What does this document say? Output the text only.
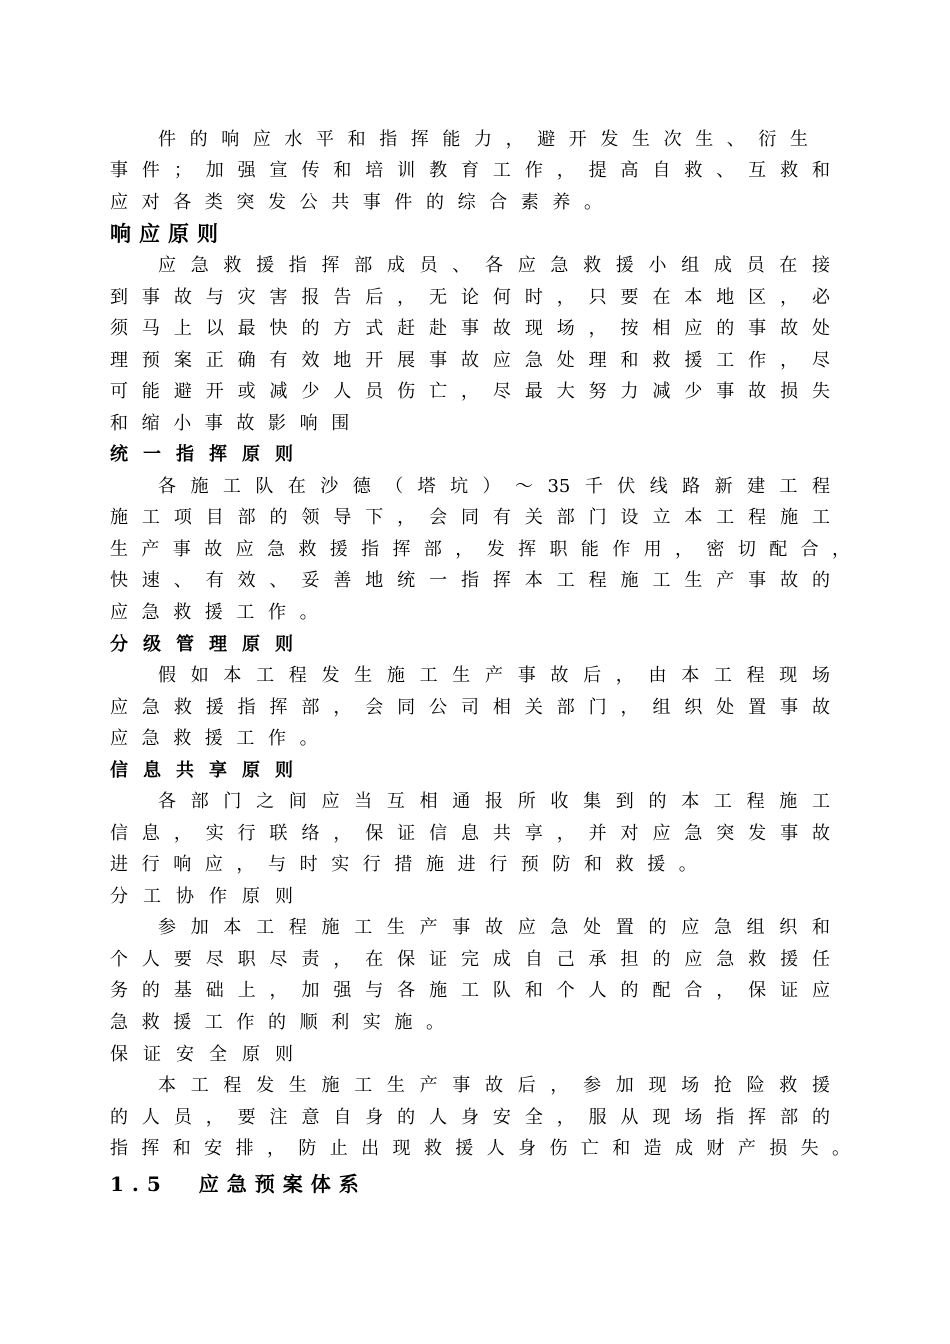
件的响应水平和指挥能力，避开发生次生、衍生
事件；加强宣传和培训教育工作，提高自救、互救和
应对各类突发公共事件的综合素养。
响应原则
应急救援指挥部成员、各应急救援小组成员在接
到事故与灾害报告后，无论何时，只要在本地区，必
须马上以最快的方式赶赴事故现场，按相应的事故处
理预案正确有效地开展事故应急处理和救援工作，尽
可能避开或减少人员伤亡，尽最大努力减少事故损失
和缩小事故影响围
统一指挥原则
各施工队在沙德（塔坑）～35千伏线路新建工程
施工项目部的领导下，会同有关部门设立本工程施工
生产事故应急救援指挥部，发挥职能作用，密切配合，
快速、有效、妥善地统一指挥本工程施工生产事故的
应急救援工作。
分级管理原则
假如本工程发生施工生产事故后，由本工程现场
应急救援指挥部，会同公司相关部门，组织处置事故
应急救援工作。
信息共享原则
各部门之间应当互相通报所收集到的本工程施工
信息，实行联络，保证信息共享，并对应急突发事故
进行响应，与时实行措施进行预防和救援。
分工协作原则
参加本工程施工生产事故应急处置的应急组织和
个人要尽职尽责，在保证完成自己承担的应急救援任
务的基础上，加强与各施工队和个人的配合，保证应
急救援工作的顺利实施。
保证安全原则
本工程发生施工生产事故后，参加现场抢险救援
的人员，要注意自身的人身安全，服从现场指挥部的
指挥和安排，防止出现救援人身伤亡和造成财产损失。
1.5  应急预案体系
